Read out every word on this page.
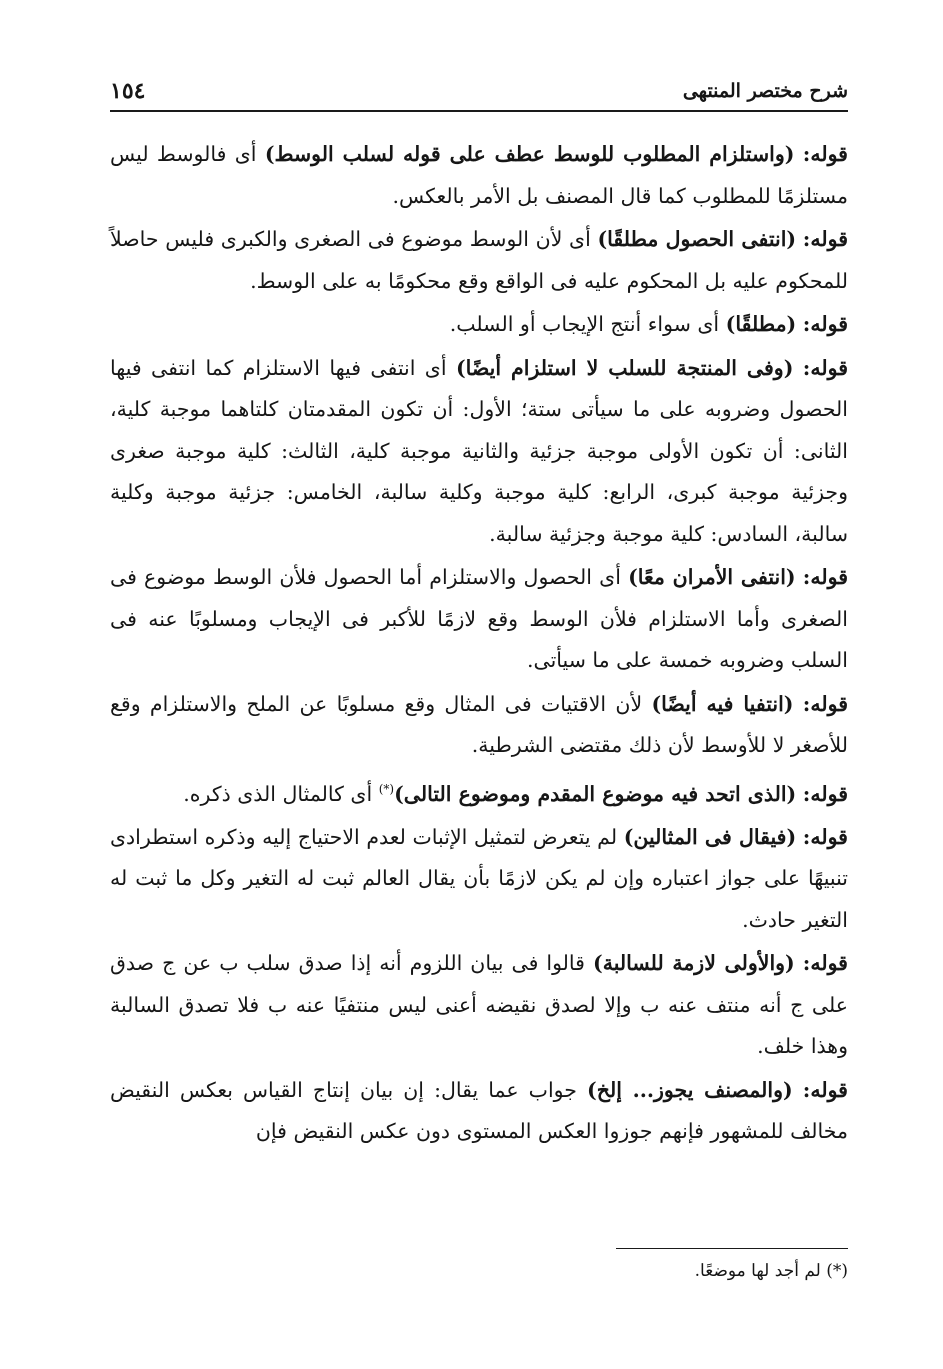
شرح مختصر المنتهى
١٥٤

قوله: (واستلزام المطلوب للوسط عطف على قوله لسلب الوسط) أى فالوسط ليس مستلزمًا للمطلوب كما قال المصنف بل الأمر بالعكس.

قوله: (انتفى الحصول مطلقًا) أى لأن الوسط موضوع فى الصغرى والكبرى فليس حاصلاً للمحكوم عليه بل المحكوم عليه فى الواقع وقع محكومًا به على الوسط.

قوله: (مطلقًا) أى سواء أنتج الإيجاب أو السلب.

قوله: (وفى المنتجة للسلب لا استلزام أيضًا) أى انتفى فيها الاستلزام كما انتفى فيها الحصول وضروبه على ما سيأتى ستة؛ الأول: أن تكون المقدمتان كلتاهما موجبة كلية، الثانى: أن تكون الأولى موجبة جزئية والثانية موجبة كلية، الثالث: كلية موجبة صغرى وجزئية موجبة كبرى، الرابع: كلية موجبة وكلية سالبة، الخامس: جزئية موجبة وكلية سالبة، السادس: كلية موجبة وجزئية سالبة.

قوله: (انتفى الأمران معًا) أى الحصول والاستلزام أما الحصول فلأن الوسط موضوع فى الصغرى وأما الاستلزام فلأن الوسط وقع لازمًا للأكبر فى الإيجاب ومسلوبًا عنه فى السلب وضروبه خمسة على ما سيأتى.

قوله: (انتفيا فيه أيضًا) لأن الاقتيات فى المثال وقع مسلوبًا عن الملح والاستلزام وقع للأصغر لا للأوسط لأن ذلك مقتضى الشرطية.

قوله: (الذى اتحد فيه موضوع المقدم وموضوع التالى)(*) أى كالمثال الذى ذكره.

قوله: (فيقال فى المثالين) لم يتعرض لتمثيل الإثبات لعدم الاحتياج إليه وذكره استطرادى تنبيهًا على جواز اعتباره وإن لم يكن لازمًا بأن يقال العالم ثبت له التغير وكل ما ثبت له التغير حادث.

قوله: (والأولى لازمة للسالبة) قالوا فى بيان اللزوم أنه إذا صدق سلب ب عن ج صدق على ج أنه منتف عنه ب وإلا لصدق نقيضه أعنى ليس منتفيًا عنه ب فلا تصدق السالبة وهذا خلف.

قوله: (والمصنف يجوز... إلخ) جواب عما يقال: إن بيان إنتاج القياس بعكس النقيض مخالف للمشهور فإنهم جوزوا العكس المستوى دون عكس النقيض فإن

(*) لم أجد لها موضعًا.
